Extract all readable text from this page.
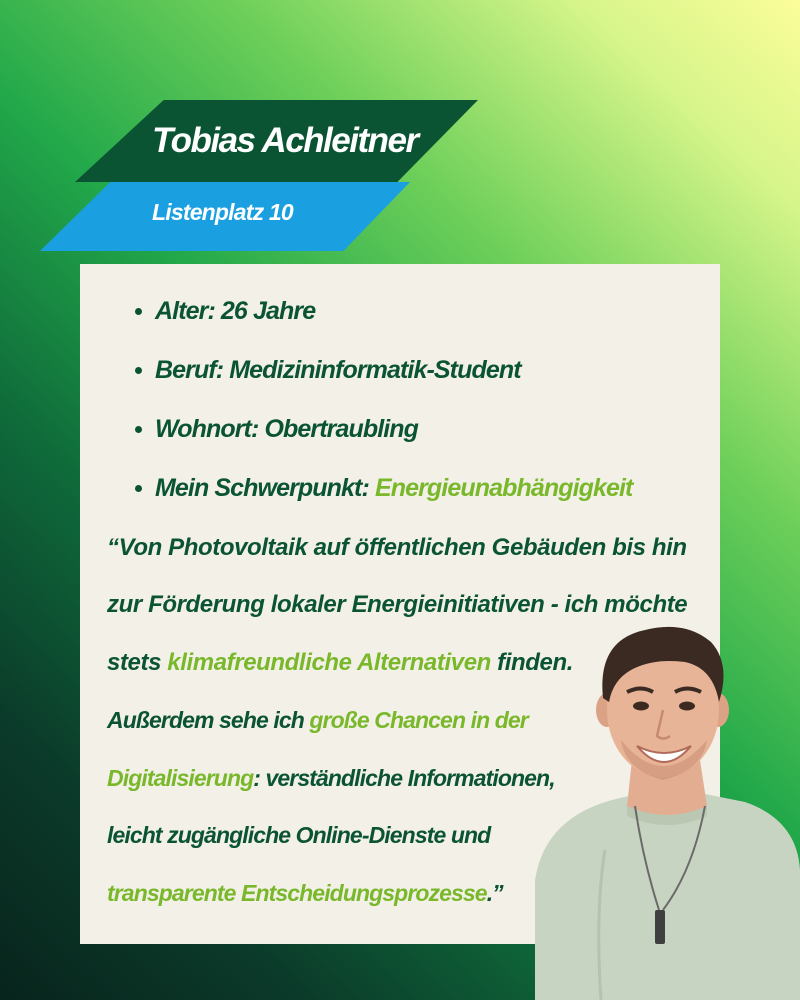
Tobias Achleitner
Listenplatz 10
Alter: 26 Jahre
Beruf: Medizininformatik-Student
Wohnort: Obertraubling
Mein Schwerpunkt: Energieunabhängigkeit
“Von Photovoltaik auf öffentlichen Gebäuden bis hin
zur Förderung lokaler Energieinitiativen - ich möchte
stets klimafreundliche Alternativen finden.
Außerdem sehe ich große Chancen in der
Digitalisierung: verständliche Informationen,
leicht zugängliche Online-Dienste und
transparente Entscheidungsprozesse.”
